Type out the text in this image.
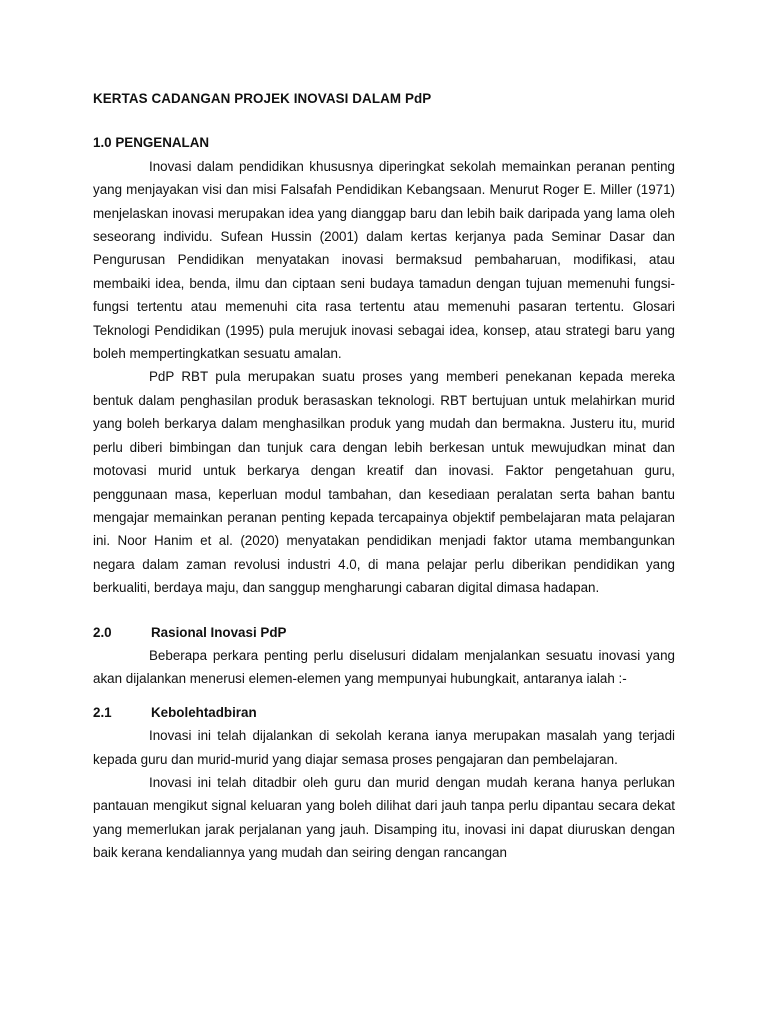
KERTAS CADANGAN PROJEK INOVASI DALAM PdP
1.0 PENGENALAN

Inovasi dalam pendidikan khususnya diperingkat sekolah memainkan peranan penting yang menjayakan visi dan misi Falsafah Pendidikan Kebangsaan. Menurut Roger E. Miller (1971) menjelaskan inovasi merupakan idea yang dianggap baru dan lebih baik daripada yang lama oleh seseorang individu. Sufean Hussin (2001) dalam kertas kerjanya pada Seminar Dasar dan Pengurusan Pendidikan menyatakan inovasi bermaksud pembaharuan, modifikasi, atau membaiki idea, benda, ilmu dan ciptaan seni budaya tamadun dengan tujuan memenuhi fungsi-fungsi tertentu atau memenuhi cita rasa tertentu atau memenuhi pasaran tertentu. Glosari Teknologi Pendidikan (1995) pula merujuk inovasi sebagai idea, konsep, atau strategi baru yang boleh mempertingkatkan sesuatu amalan.

PdP RBT pula merupakan suatu proses yang memberi penekanan kepada mereka bentuk dalam penghasilan produk berasaskan teknologi. RBT bertujuan untuk melahirkan murid yang boleh berkarya dalam menghasilkan produk yang mudah dan bermakna. Justeru itu, murid perlu diberi bimbingan dan tunjuk cara dengan lebih berkesan untuk mewujudkan minat dan motovasi murid untuk berkarya dengan kreatif dan inovasi. Faktor pengetahuan guru, penggunaan masa, keperluan modul tambahan, dan kesediaan peralatan serta bahan bantu mengajar memainkan peranan penting kepada tercapainya objektif pembelajaran mata pelajaran ini. Noor Hanim et al. (2020) menyatakan pendidikan menjadi faktor utama membangunkan negara dalam zaman revolusi industri 4.0, di mana pelajar perlu diberikan pendidikan yang berkualiti, berdaya maju, dan sanggup mengharungi cabaran digital dimasa hadapan.

2.0	Rasional Inovasi PdP

Beberapa perkara penting perlu diselusuri didalam menjalankan sesuatu inovasi yang akan dijalankan menerusi elemen-elemen yang mempunyai hubungkait, antaranya ialah :-

2.1	Kebolehtadbiran

Inovasi ini telah dijalankan di sekolah kerana ianya merupakan masalah yang terjadi kepada guru dan murid-murid yang diajar semasa proses pengajaran dan pembelajaran.

Inovasi ini telah ditadbir oleh guru dan murid dengan mudah kerana hanya perlukan pantauan mengikut signal keluaran yang boleh dilihat dari jauh tanpa perlu dipantau secara dekat yang memerlukan jarak perjalanan yang jauh. Disamping itu, inovasi ini dapat diuruskan dengan baik kerana kendaliannya yang mudah dan seiring dengan rancangan
